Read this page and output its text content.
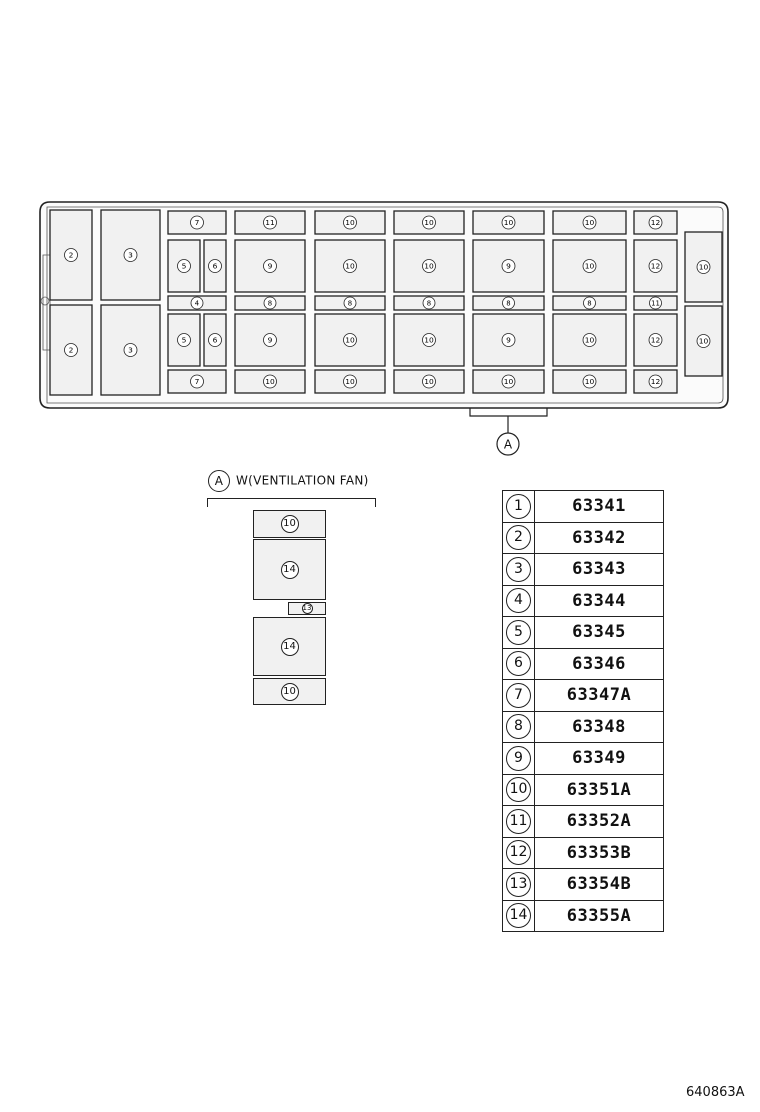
2
2
3
3
7
5	6
4
5	6
7
11
9
8
9
10
10
10
8
10
10
10
10
8
10
10
10
9
8
9
10
10
10
8
10
10
12
12
11
12
12
10
10
A
A W(VENTILATION FAN)
10
14
13
14
10
1	63341
2	63342
3	63343
4	63344
5	63345
6	63346
7	63347A
8	63348
9	63349
10	63351A
11	63352A
12	63353B
13	63354B
14	63355A
640863A
